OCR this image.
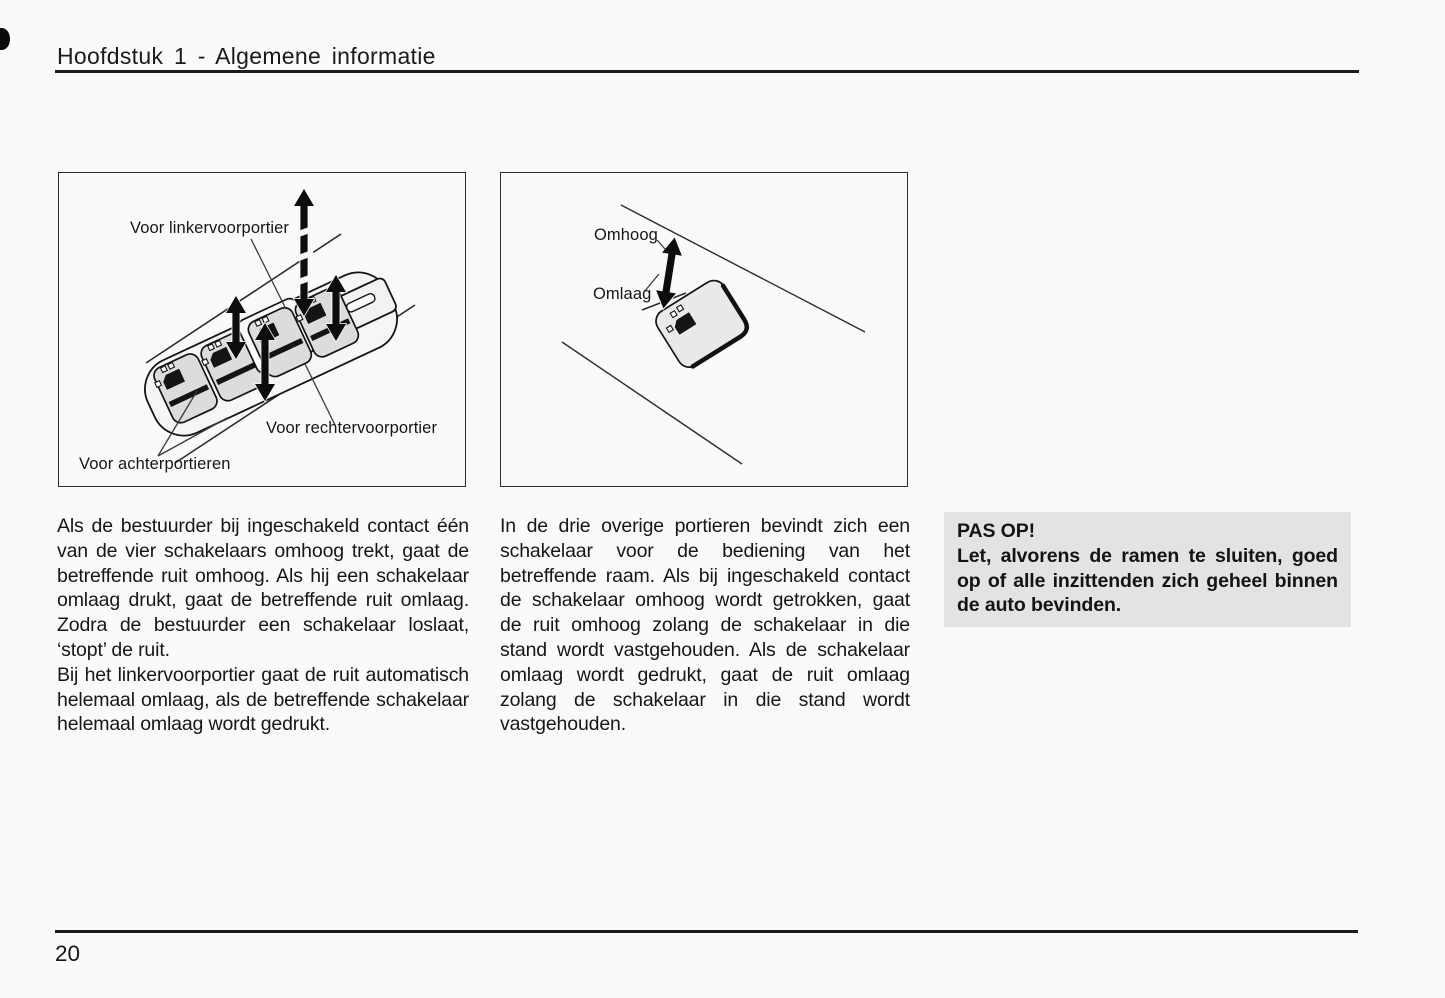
Hoofdstuk 1 - Algemene informatie
Voor linkervoorportier
Voor rechtervoorportier
Voor achterportieren
Omhoog
Omlaag

Als de bestuurder bij ingeschakeld contact één van de vier schakelaars omhoog trekt, gaat de betreffende ruit omhoog. Als hij een schakelaar omlaag drukt, gaat de betreffende ruit omlaag. Zodra de bestuurder een schakelaar loslaat, ‘stopt’ de ruit.

Bij het linkervoorportier gaat de ruit automatisch helemaal omlaag, als de betreffende schakelaar helemaal omlaag wordt gedrukt.

In de drie overige portieren bevindt zich een schakelaar voor de bediening van het betreffende raam. Als bij ingeschakeld contact de schakelaar omhoog wordt getrokken, gaat de ruit omhoog zolang de schakelaar in die stand wordt vastgehouden. Als de schakelaar omlaag wordt gedrukt, gaat de ruit omlaag zolang de schakelaar in die stand wordt vastgehouden.

PAS OP!

Let, alvorens de ramen te sluiten, goed op of alle inzittenden zich geheel binnen de auto bevinden.

20
